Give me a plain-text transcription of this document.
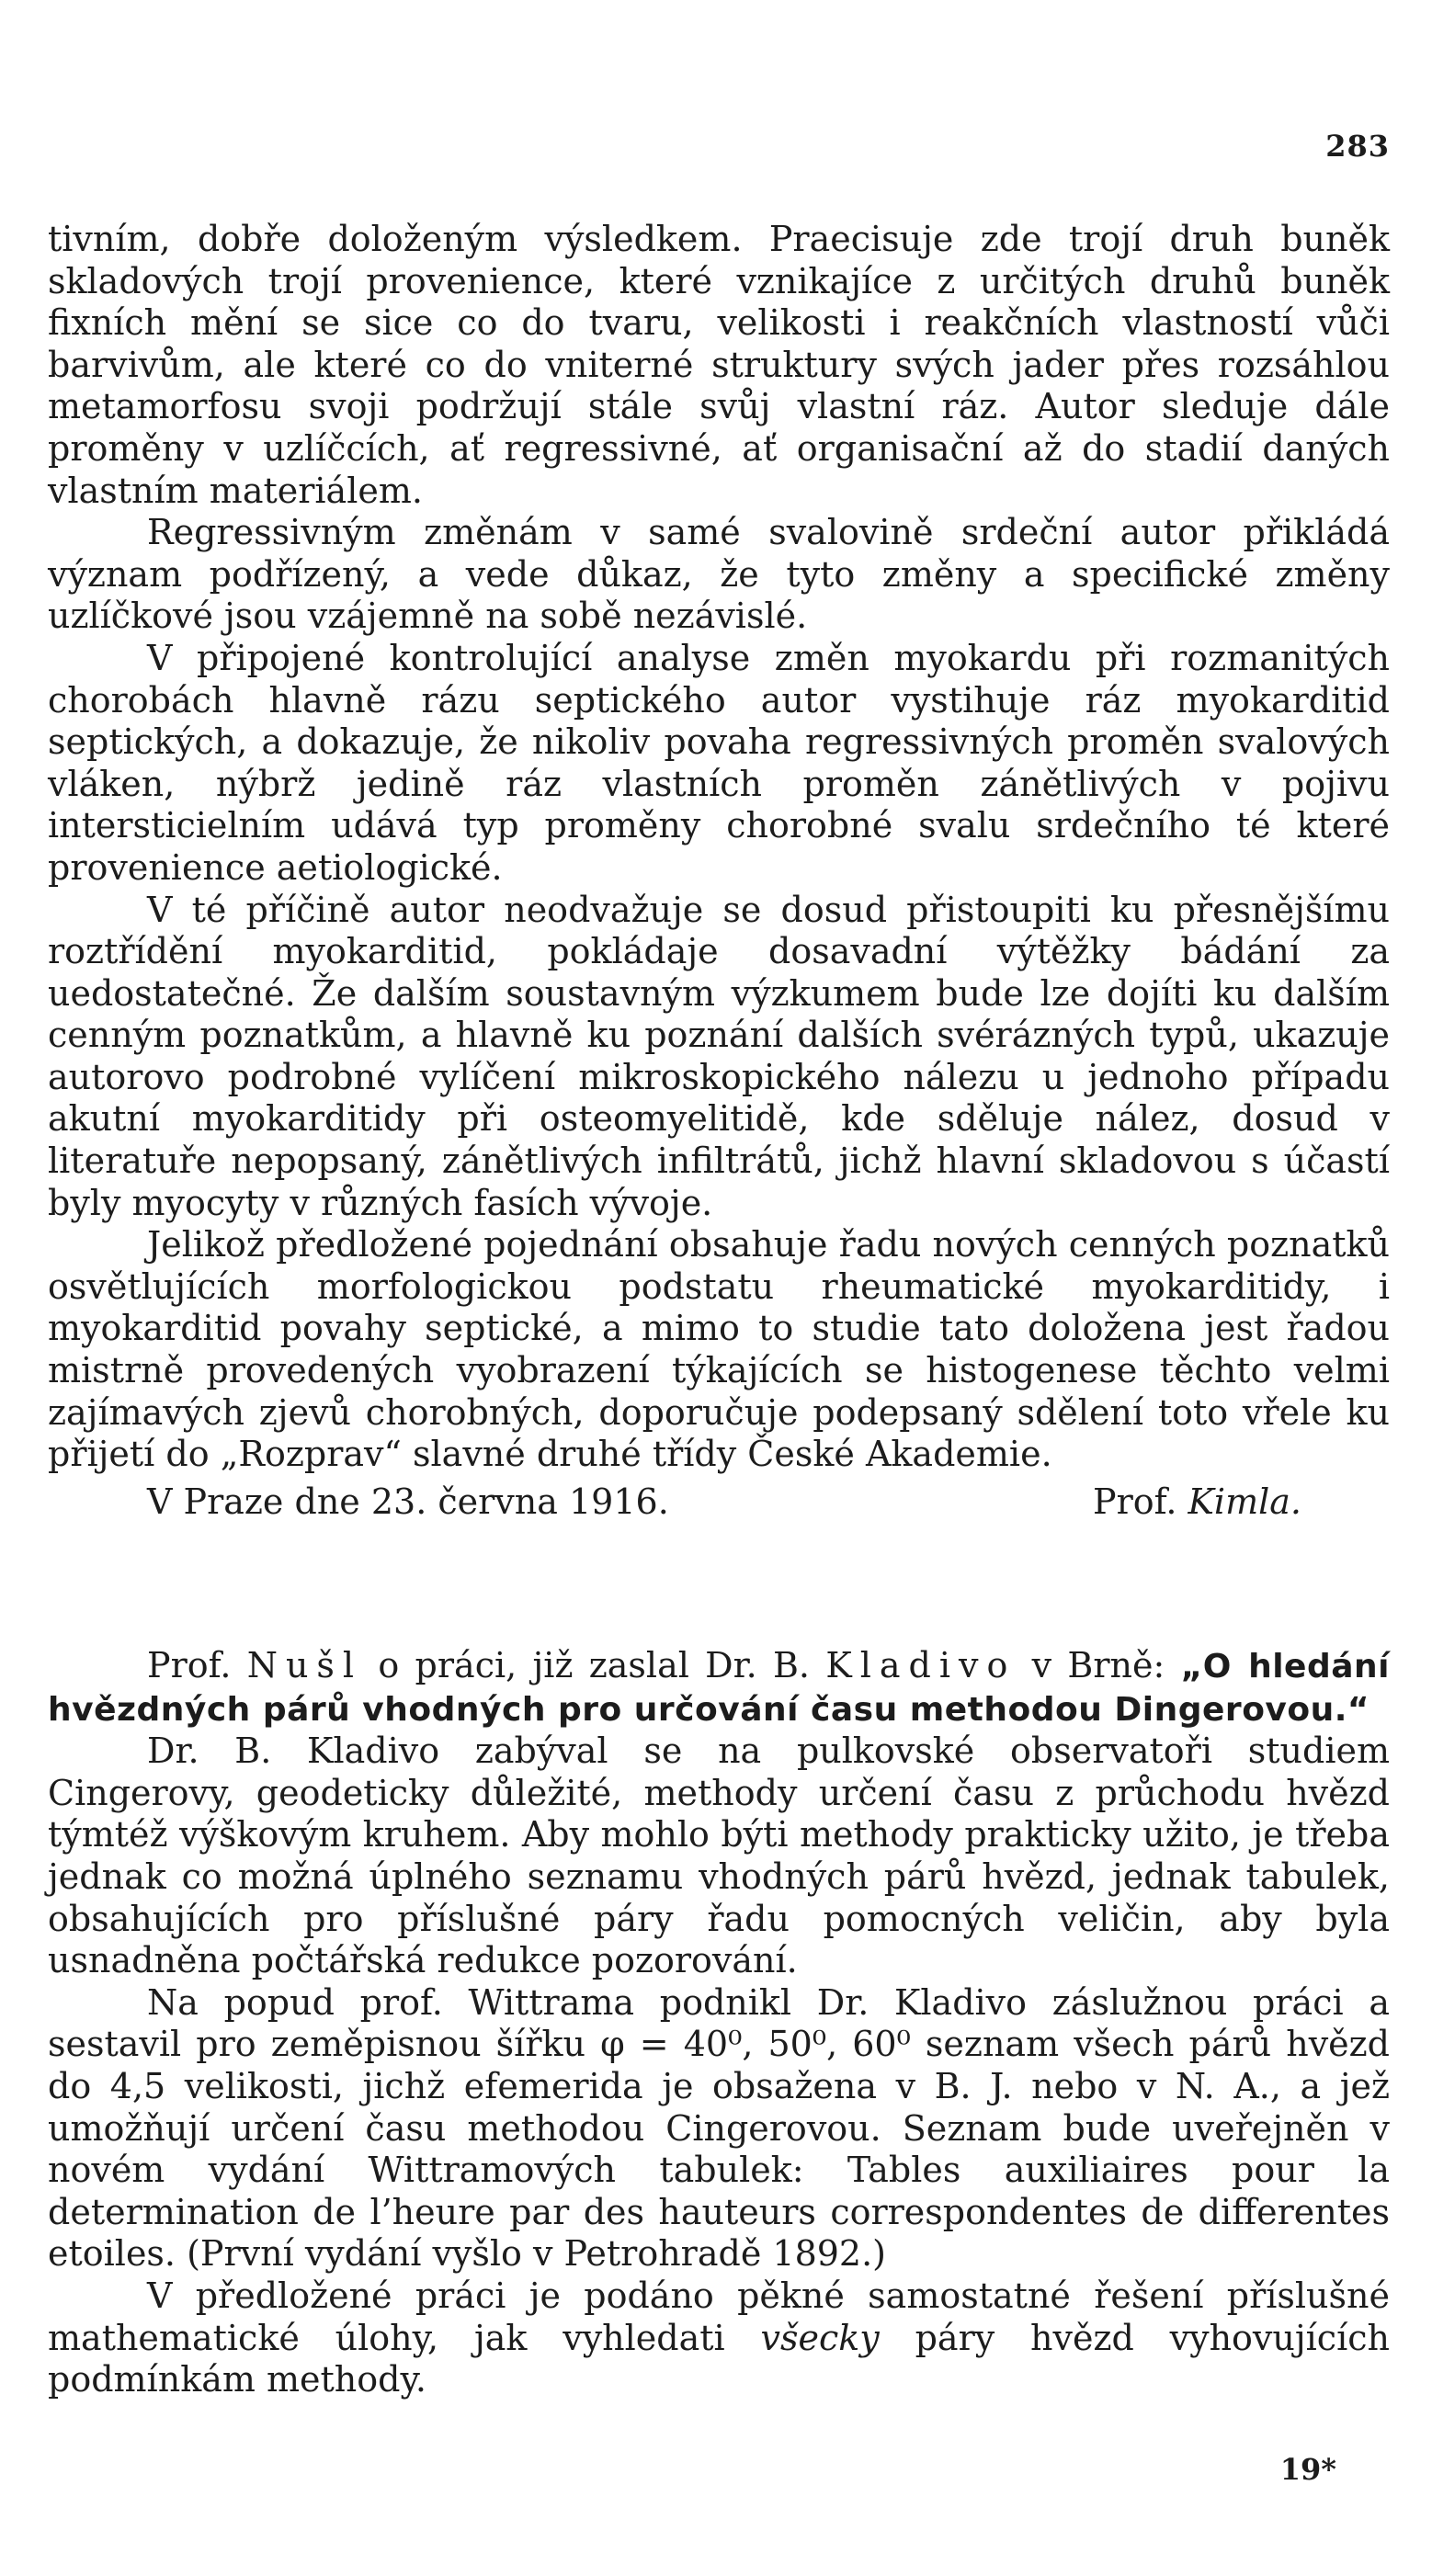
283

tivním, dobře doloženým výsledkem. Praecisuje zde trojí druh buněk skladových trojí provenience, které vznikajíce z určitých druhů buněk fixních mění se sice co do tvaru, velikosti i reakčních vlastností vůči barvivům, ale které co do vniterné struktury svých jader přes rozsáhlou metamorfosu svoji podržují stále svůj vlastní ráz. Autor sleduje dále proměny v uzlíčcích, ať regressivné, ať organisační až do stadií daných vlastním materiálem.

Regressivným změnám v samé svalovině srdeční autor přikládá význam podřízený, a vede důkaz, že tyto změny a specifické změny uzlíčkové jsou vzájemně na sobě nezávislé.

V připojené kontrolující analyse změn myokardu při rozmanitých chorobách hlavně rázu septického autor vystihuje ráz myokarditid septických, a dokazuje, že nikoliv povaha regressivných proměn svalových vláken, nýbrž jedině ráz vlastních proměn zánětlivých v pojivu intersticielním udává typ proměny chorobné svalu srdečního té které provenience aetiologické.

V té příčině autor neodvažuje se dosud přistoupiti ku přesnějšímu roztřídění myokarditid, pokládaje dosavadní výtěžky bádání za uedostatečné. Že dalším soustavným výzkumem bude lze dojíti ku dalším cenným poznatkům, a hlavně ku poznání dalších svérázných typů, ukazuje autorovo podrobné vylíčení mikroskopického nálezu u jednoho případu akutní myokarditidy při osteomyelitidě, kde sděluje nález, dosud v literatuře nepopsaný, zánětlivých infiltrátů, jichž hlavní skladovou s účastí byly myocyty v různých fasích vývoje.

Jelikož předložené pojednání obsahuje řadu nových cenných poznatků osvětlujících morfologickou podstatu rheumatické myokarditidy, i myokarditid povahy septické, a mimo to studie tato doložena jest řadou mistrně provedených vyobrazení týkajících se histogenese těchto velmi zajímavých zjevů chorobných, doporučuje podepsaný sdělení toto vřele ku přijetí do „Rozprav“ slavné druhé třídy České Akademie.

V Praze dne 23. června 1916.	Prof. Kimla.

Prof. Nušl o práci, již zaslal Dr. B. Kladivo v Brně: „O hledání hvězdných párů vhodných pro určování času methodou Dingerovou.“

Dr. B. Kladivo zabýval se na pulkovské observatoři studiem Cingerovy, geodeticky důležité, methody určení času z průchodu hvězd týmtéž výškovým kruhem. Aby mohlo býti methody prakticky užito, je třeba jednak co možná úplného seznamu vhodných párů hvězd, jednak tabulek, obsahujících pro příslušné páry řadu pomocných veličin, aby byla usnadněna počtářská redukce pozorování.

Na popud prof. Wittrama podnikl Dr. Kladivo záslužnou práci a sestavil pro zeměpisnou šířku φ = 40⁰, 50⁰, 60⁰ seznam všech párů hvězd do 4,5 velikosti, jichž efemerida je obsažena v B. J. nebo v N. A., a jež umožňují určení času methodou Cingerovou. Seznam bude uveřejněn v novém vydání Wittramových tabulek: Tables auxiliaires pour la determination de l’heure par des hauteurs correspondentes de differentes etoiles. (První vydání vyšlo v Petrohradě 1892.)

V předložené práci je podáno pěkné samostatné řešení příslušné mathematické úlohy, jak vyhledati všecky páry hvězd vyhovujících podmínkám methody.

19*
